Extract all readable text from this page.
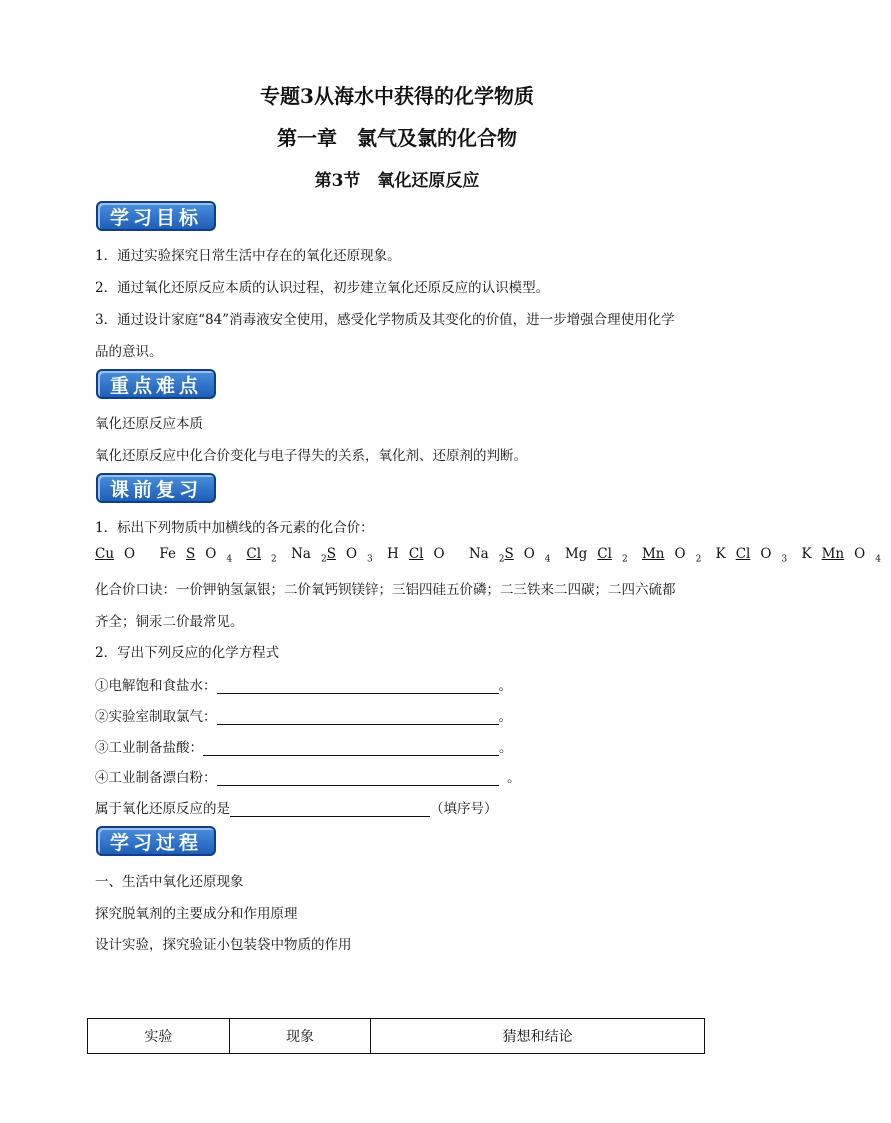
专题3从海水中获得的化学物质
第一章　氯气及氯的化合物
第3节　氧化还原反应
学习目标
1．通过实验探究日常生活中存在的氧化还原现象。
2．通过氧化还原反应本质的认识过程，初步建立氧化还原反应的认识模型。
3．通过设计家庭“84”消毒液安全使用，感受化学物质及其变化的价值，进一步增强合理使用化学
品的意识。
重点难点
氧化还原反应本质
氧化还原反应中化合价变化与电子得失的关系，氧化剂、还原剂的判断。
课前复习
1．标出下列物质中加横线的各元素的化合价：
Cu O Fe S O $_4$ Cl $_2$ Na $_2$S O $_3$ H Cl O Na $_2$S O $_4$ Mg Cl $_2$ Mn O $_2$ K Cl O $_3$ K Mn O $_4$
化合价口诀：一价钾钠氢氯银；二价氧钙钡镁锌；三铝四硅五价磷；二三铁来二四碳；二四六硫都
齐全；铜汞二价最常见。
2．写出下列反应的化学方程式
①电解饱和食盐水：	。
②实验室制取氯气：	。
③工业制备盐酸：	。
④工业制备漂白粉：	。
属于氧化还原反应的是	（填序号）
学习过程
一、生活中氧化还原现象
探究脱氧剂的主要成分和作用原理
设计实验，探究验证小包装袋中物质的作用
实验	现象	猜想和结论
